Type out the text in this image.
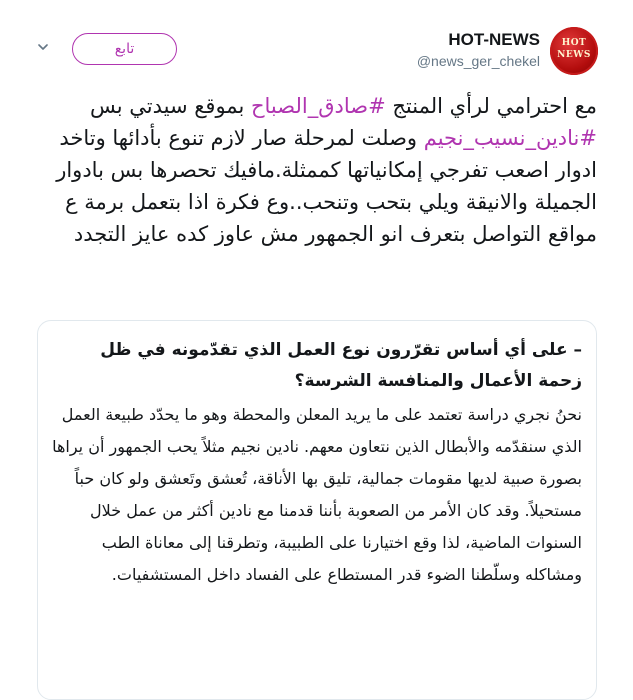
HOT
NEWS
HOT-NEWS
@news_ger_chekel
تابع

مع احترامي لرأي المنتج #صادق_الصباح بموقع سيدتي بس #نادين_نسيب_نجيم وصلت لمرحلة صار لازم تنوع بأدائها وتاخد ادوار اصعب تفرجي إمكانياتها كممثلة.مافيك تحصرها بس بادوار الجميلة والانيقة ويلي بتحب وتنحب..وع فكرة اذا بتعمل برمة ع مواقع التواصل بتعرف انو الجمهور مش عاوز كده عايز التجدد

– على أي أساس تقرّرون نوع العمل الذي تقدّمونه في ظل زحمة الأعمال والمنافسة الشرسة؟

نحنُ نجري دراسة تعتمد على ما يريد المعلن والمحطة وهو ما يحدّد طبيعة العمل الذي سنقدّمه والأبطال الذين نتعاون معهم. نادين نجيم مثلاً يحب الجمهور أن يراها بصورة صبية لديها مقومات جمالية، تليق بها الأناقة، تُعشق وتَعشق ولو كان حباً مستحيلاً. وقد كان الأمر من الصعوبة بأننا قدمنا مع نادين أكثر من عمل خلال السنوات الماضية، لذا وقع اختيارنا على الطبيبة، وتطرقنا إلى معاناة الطب ومشاكله وسلّطنا الضوء قدر المستطاع على الفساد داخل المستشفيات.
